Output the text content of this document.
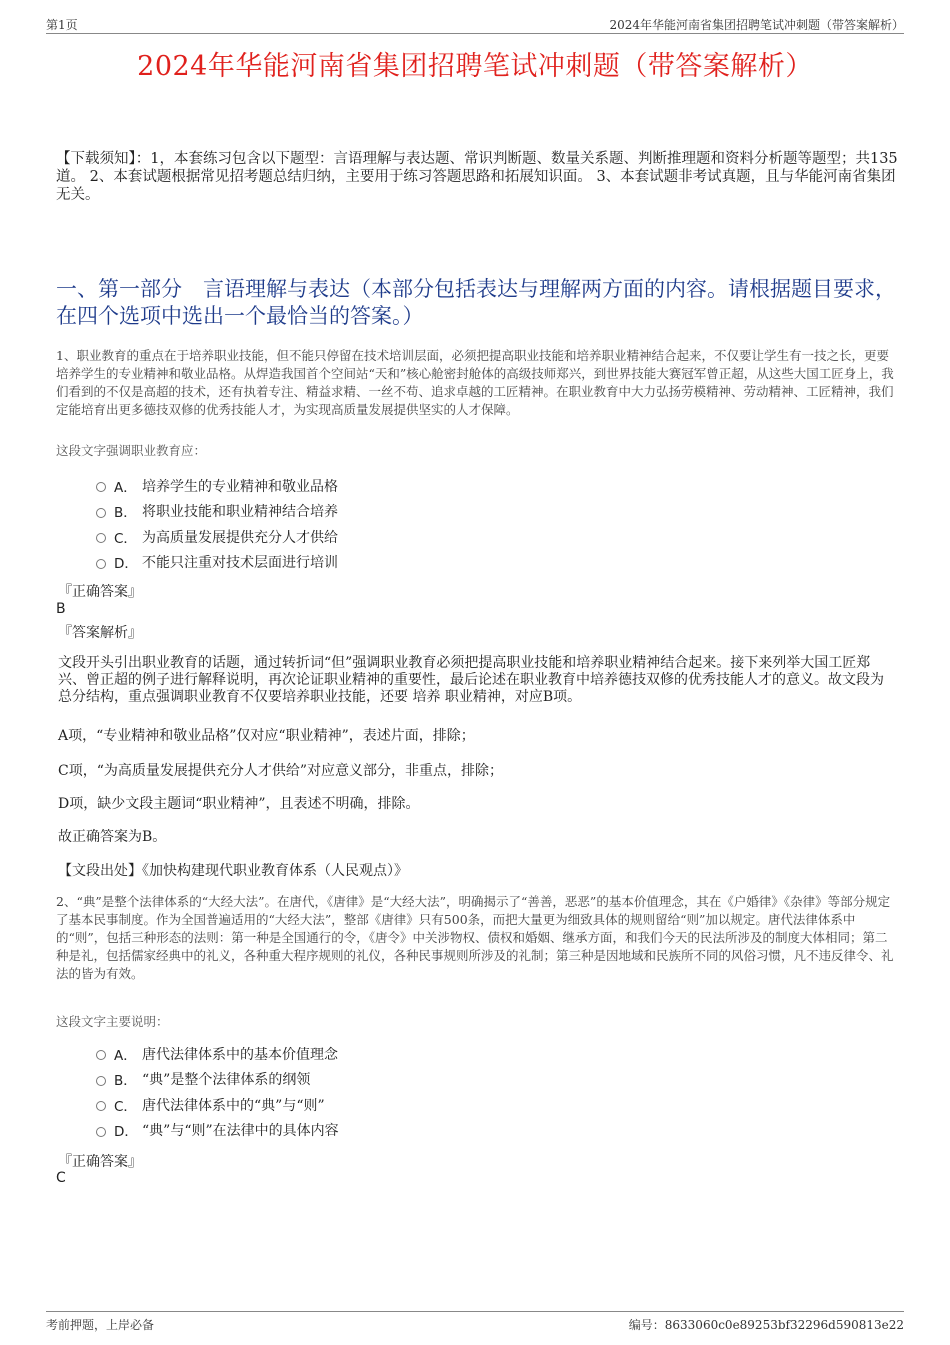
第1页	2024年华能河南省集团招聘笔试冲刺题（带答案解析）
2024年华能河南省集团招聘笔试冲刺题（带答案解析）
【下载须知】：1，本套练习包含以下题型：言语理解与表达题、常识判断题、数量关系题、判断推理题和资料分析题等题型；共135道。 2、本套试题根据常见招考题总结归纳，主要用于练习答题思路和拓展知识面。 3、本套试题非考试真题，且与华能河南省集团无关。
一、第一部分　言语理解与表达（本部分包括表达与理解两方面的内容。请根据题目要求，在四个选项中选出一个最恰当的答案。）
1、职业教育的重点在于培养职业技能，但不能只停留在技术培训层面，必须把提高职业技能和培养职业精神结合起来，不仅要让学生有一技之长，更要培养学生的专业精神和敬业品格。从焊造我国首个空间站“天和”核心舱密封舱体的高级技师郑兴，到世界技能大赛冠军曾正超，从这些大国工匠身上，我们看到的不仅是高超的技术，还有执着专注、精益求精、一丝不苟、追求卓越的工匠精神。在职业教育中大力弘扬劳模精神、劳动精神、工匠精神，我们定能培育出更多德技双修的优秀技能人才，为实现高质量发展提供坚实的人才保障。
这段文字强调职业教育应：
A． 培养学生的专业精神和敬业品格
B． 将职业技能和职业精神结合培养
C． 为高质量发展提供充分人才供给
D． 不能只注重对技术层面进行培训
『正确答案』
B
『答案解析』
文段开头引出职业教育的话题，通过转折词“但”强调职业教育必须把提高职业技能和培养职业精神结合起来。接下来列举大国工匠郑兴、曾正超的例子进行解释说明，再次论证职业精神的重要性，最后论述在职业教育中培养德技双修的优秀技能人才的意义。故文段为总分结构，重点强调职业教育不仅要培养职业技能，还要 培养 职业精神，对应B项。
A项，“专业精神和敬业品格”仅对应“职业精神”，表述片面，排除；
C项，“为高质量发展提供充分人才供给”对应意义部分，非重点，排除；
D项，缺少文段主题词“职业精神”，且表述不明确，排除。
故正确答案为B。
【文段出处】《加快构建现代职业教育体系（人民观点）》
2、“典”是整个法律体系的“大经大法”。在唐代，《唐律》是“大经大法”，明确揭示了“善善，恶恶”的基本价值理念，其在《户婚律》《杂律》等部分规定了基本民事制度。作为全国普遍适用的“大经大法”，整部《唐律》只有500条，而把大量更为细致具体的规则留给“则”加以规定。唐代法律体系中的“则”，包括三种形态的法则：第一种是全国通行的令，《唐令》中关涉物权、债权和婚姻、继承方面，和我们今天的民法所涉及的制度大体相同；第二种是礼，包括儒家经典中的礼义，各种重大程序规则的礼仪，各种民事规则所涉及的礼制；第三种是因地域和民族所不同的风俗习惯，凡不违反律令、礼法的皆为有效。
这段文字主要说明：
A． 唐代法律体系中的基本价值理念
B． “典”是整个法律体系的纲领
C． 唐代法律体系中的“典”与“则”
D． “典”与“则”在法律中的具体内容
『正确答案』
C
考前押题，上岸必备	编号：8633060c0e89253bf32296d590813e22
